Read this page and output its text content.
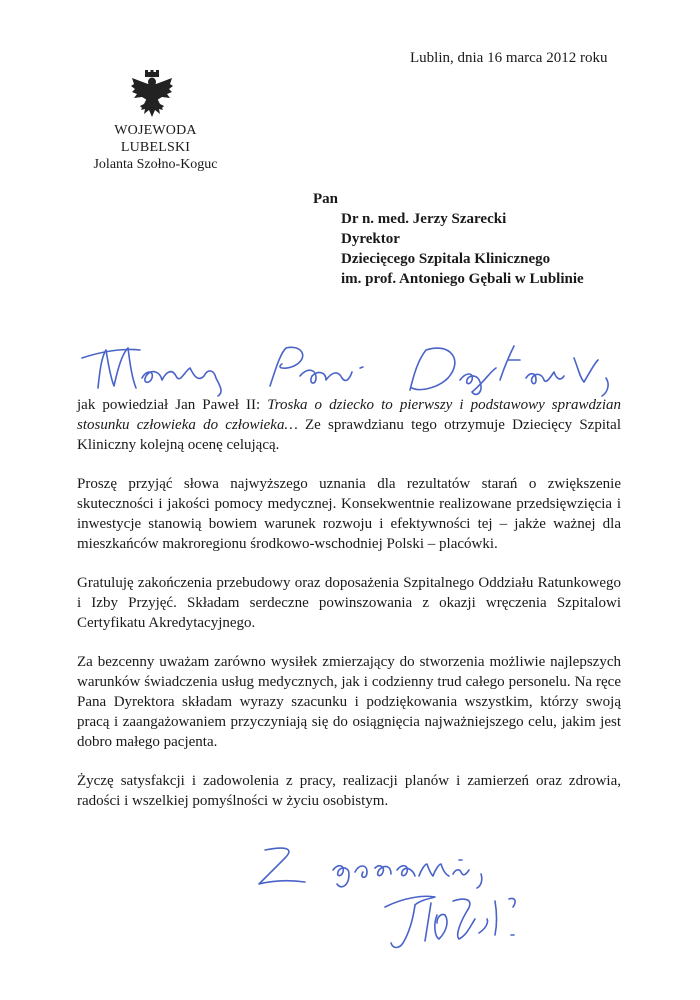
Lublin, dnia 16 marca 2012 roku
WOJEWODA LUBELSKI
Jolanta Szołno-Koguc
Pan
Dr n. med. Jerzy Szarecki
Dyrektor
Dziecięcego Szpitala Klinicznego
im. prof. Antoniego Gębali w Lublinie

jak powiedział Jan Paweł II: Troska o dziecko to pierwszy i podstawowy sprawdzian stosunku człowieka do człowieka… Ze sprawdzianu tego otrzymuje Dziecięcy Szpital Kliniczny kolejną ocenę celującą.

Proszę przyjąć słowa najwyższego uznania dla rezultatów starań o zwiększenie skuteczności i jakości pomocy medycznej. Konsekwentnie realizowane przedsięwzięcia i inwestycje stanowią bowiem warunek rozwoju i efektywności tej – jakże ważnej dla mieszkańców makroregionu środkowo-wschodniej Polski – placówki.

Gratuluję zakończenia przebudowy oraz doposażenia Szpitalnego Oddziału Ratunkowego i Izby Przyjęć. Składam serdeczne powinszowania z okazji wręczenia Szpitalowi Certyfikatu Akredytacyjnego.

Za bezcenny uważam zarówno wysiłek zmierzający do stworzenia możliwie najlepszych warunków świadczenia usług medycznych, jak i codzienny trud całego personelu. Na ręce Pana Dyrektora składam wyrazy szacunku i podziękowania wszystkim, którzy swoją pracą i zaangażowaniem przyczyniają się do osiągnięcia najważniejszego celu, jakim jest dobro małego pacjenta.

Życzę satysfakcji i zadowolenia z pracy, realizacji planów i zamierzeń oraz zdrowia, radości i wszelkiej pomyślności w życiu osobistym.
